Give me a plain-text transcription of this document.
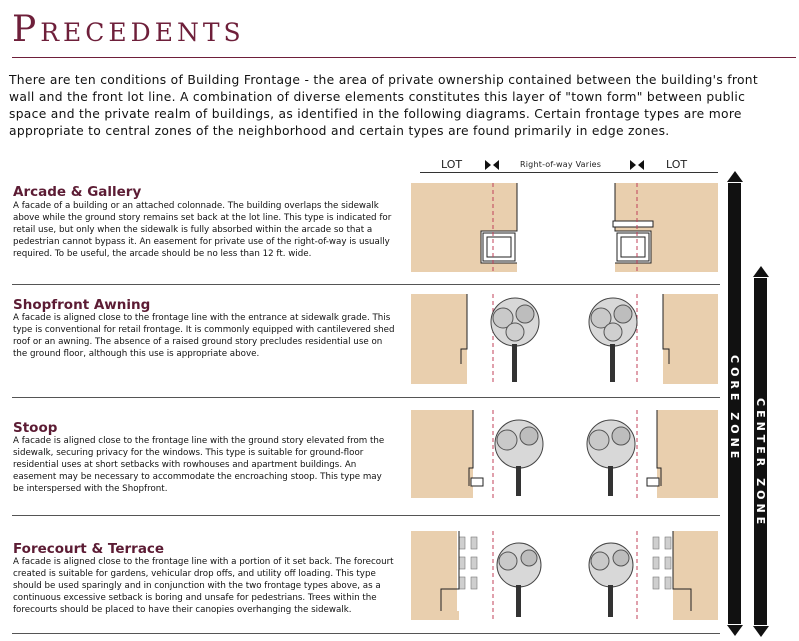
Precedents

There are ten conditions of Building Frontage - the area of private ownership contained between the building's front wall and the front lot line. A combination of diverse elements constitutes this layer of "town form" between public space and the private realm of buildings, as identified in the following diagrams. Certain frontage types are more appropriate to central zones of the neighborhood and certain types are found primarily in edge zones.

LOT	Right-of-way Varies	LOT
Arcade & Gallery

A facade of a building or an attached colonnade. The building overlaps the sidewalk above while the ground story remains set back at the lot line. This type is indicated for retail use, but only when the sidewalk is fully absorbed within the arcade so that a pedestrian cannot bypass it. An easement for private use of the right-of-way is usually required. To be useful, the arcade should be no less than 12 ft. wide.

Shopfront Awning

A facade is aligned close to the frontage line with the entrance at sidewalk grade. This type is conventional for retail frontage. It is commonly equipped with cantilevered shed roof or an awning. The absence of a raised ground story precludes residential use on the ground floor, although this use is appropriate above.

Stoop

A facade is aligned close to the frontage line with the ground story elevated from the sidewalk, securing privacy for the windows. This type is suitable for ground-floor residential uses at short setbacks with rowhouses and apartment buildings. An easement may be necessary to accommodate the encroaching stoop. This type may be interspersed with the Shopfront.

Forecourt & Terrace

A facade is aligned close to the frontage line with a portion of it set back. The forecourt created is suitable for gardens, vehicular drop offs, and utility off loading. This type should be used sparingly and in conjunction with the two frontage types above, as a continuous excessive setback is boring and unsafe for pedestrians. Trees within the forecourts should be placed to have their canopies overhanging the sidewalk.

CORE ZONE CENTER ZONE
